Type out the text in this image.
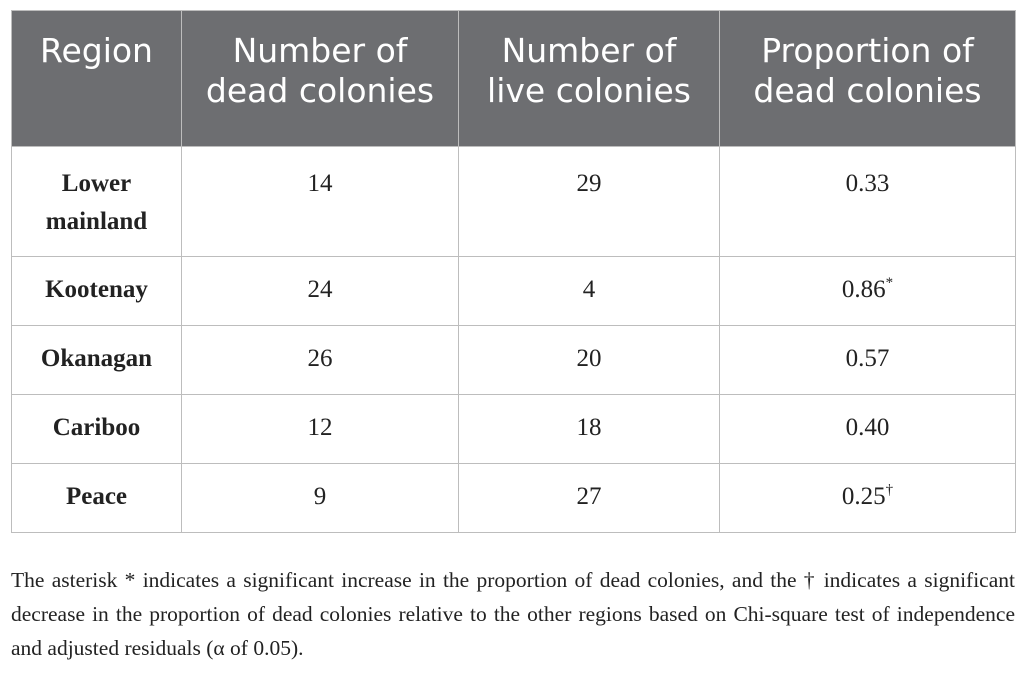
Region	Number of dead colonies	Number of live colonies	Proportion of dead colonies
Lower mainland	14	29	0.33
Kootenay	24	4	0.86*
Okanagan	26	20	0.57
Cariboo	12	18	0.40
Peace	9	27	0.25†

The asterisk * indicates a significant increase in the proportion of dead colonies, and the † indicates a significant decrease in the proportion of dead colonies relative to the other regions based on Chi-square test of independence and adjusted residuals (α of 0.05).
